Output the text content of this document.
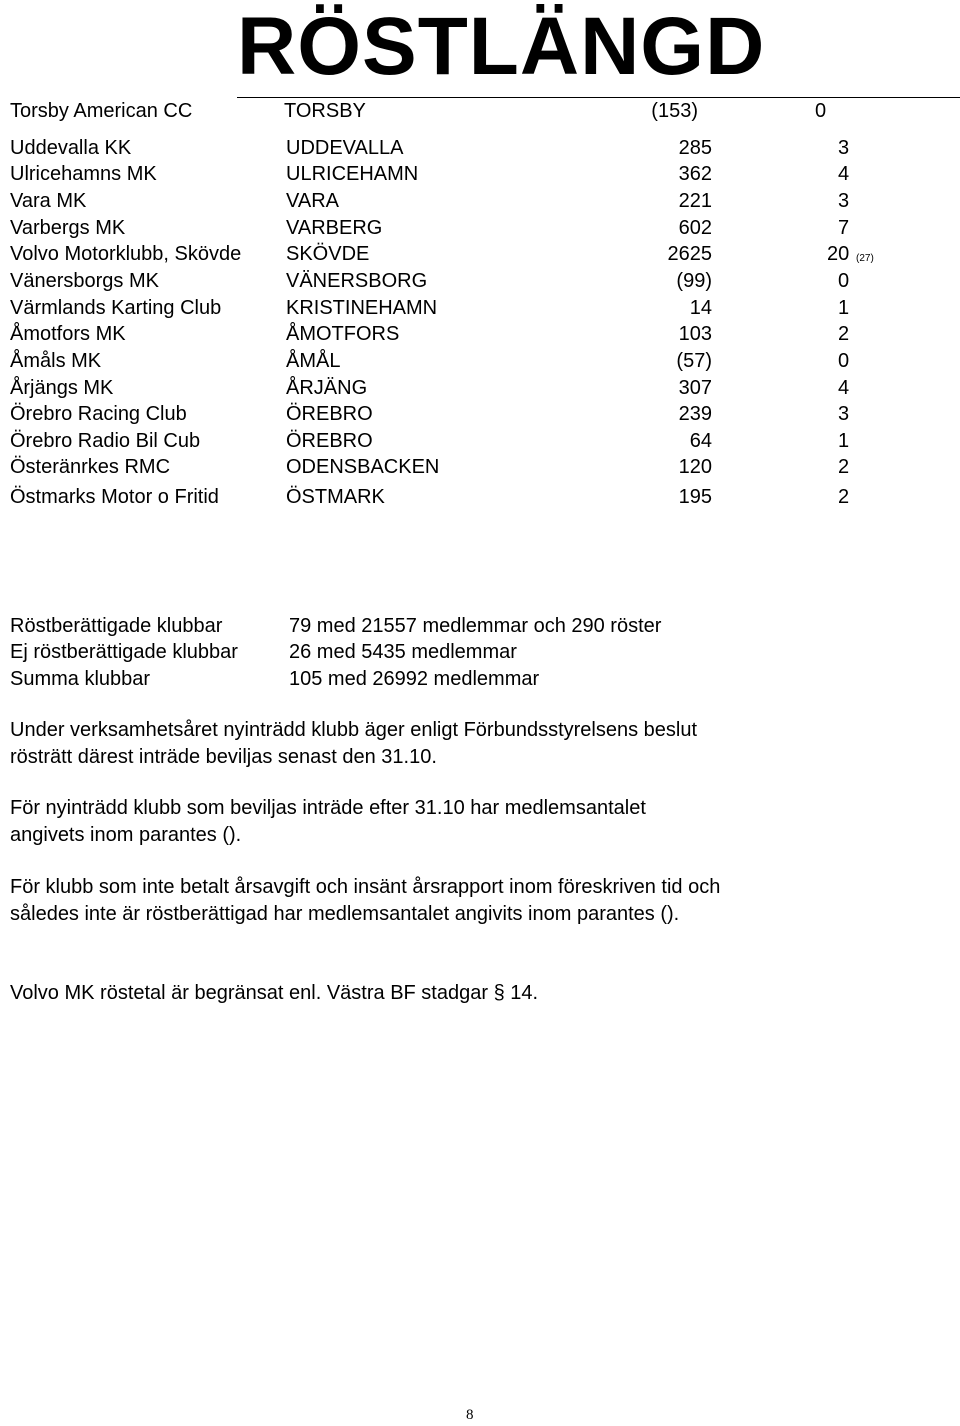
RÖSTLÄNGD
Torsby American CC	TORSBY	(153)	0
Uddevalla KK	UDDEVALLA	285	3
Ulricehamns MK	ULRICEHAMN	362	4
Vara MK	VARA	221	3
Varbergs MK	VARBERG	602	7
Volvo Motorklubb, Skövde SKÖVDE	2625	20 (27)
Vänersborgs MK	VÄNERSBORG	(99)	0
Värmlands Karting Club	KRISTINEHAMN	14	1
Åmotfors MK	ÅMOTFORS	103	2
Åmåls MK	ÅMÅL	(57)	0
Årjängs MK	ÅRJÄNG	307	4
Örebro Racing Club	ÖREBRO	239	3
Örebro Radio Bil Cub	ÖREBRO	64	1
Österänrkes RMC	ODENSBACKEN	120	2
Östmarks Motor o Fritid	ÖSTMARK	195	2
Röstberättigade klubbar	79 med 21557 medlemmar och 290 röster
Ej röstberättigade klubbar	26 med 5435 medlemmar
Summa klubbar	105 med 26992 medlemmar
Under verksamhetsåret nyinträdd klubb äger enligt Förbundsstyrelsens beslut rösträtt därest inträde beviljas senast den 31.10.
För nyinträdd klubb som beviljas inträde efter 31.10 har medlemsantalet angivets inom parantes ().
För klubb som inte betalt årsavgift och insänt årsrapport inom föreskriven tid och således inte är röstberättigad har medlemsantalet angivits inom parantes ().
Volvo MK röstetal är begränsat enl. Västra BF stadgar § 14.
8
